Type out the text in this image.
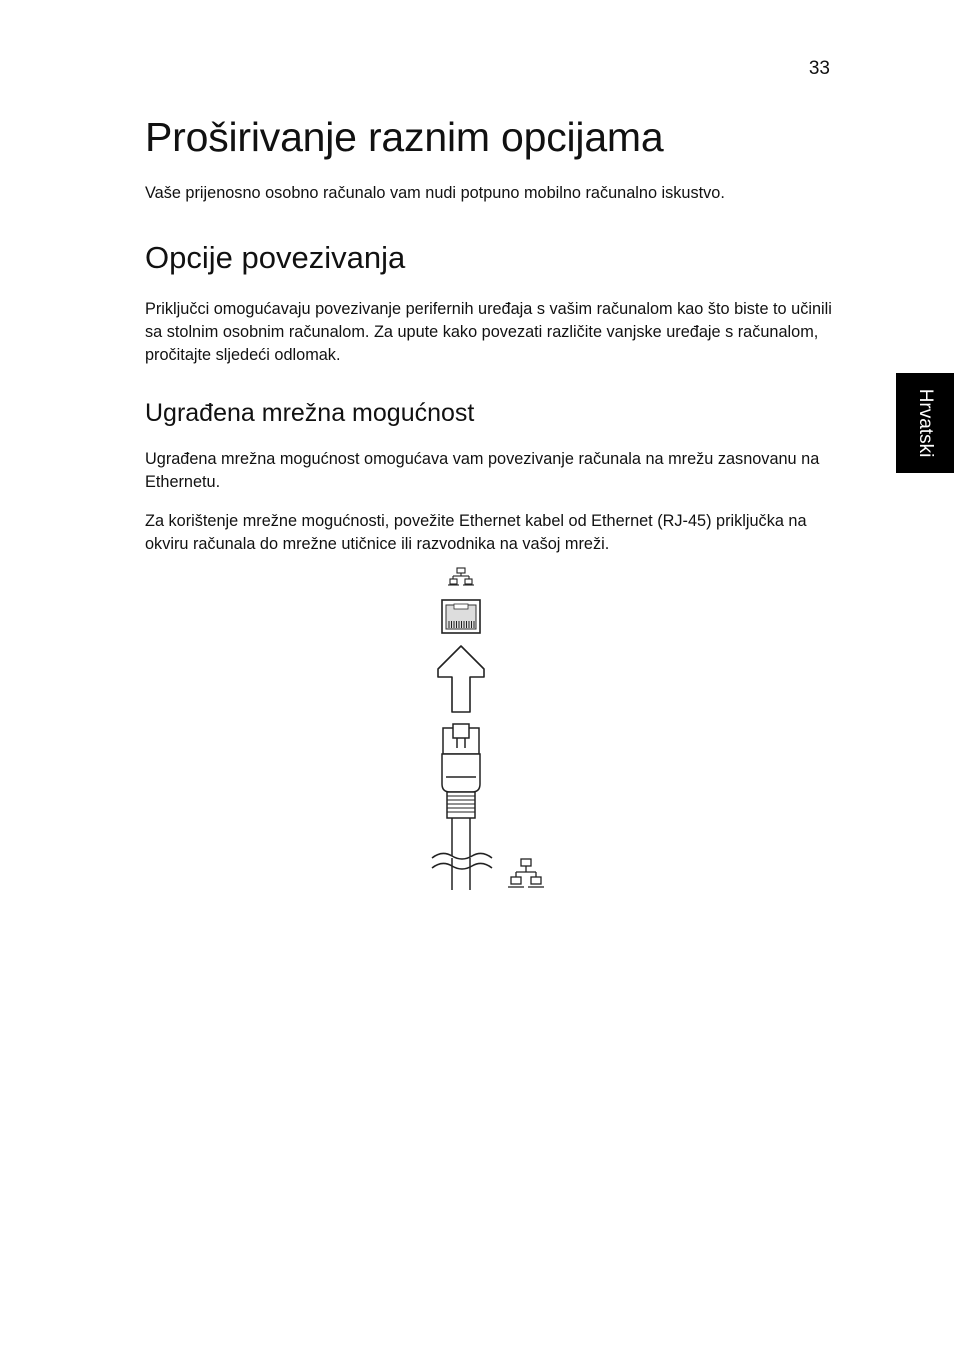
33
Proširivanje raznim opcijama

Vaše prijenosno osobno računalo vam nudi potpuno mobilno računalno iskustvo.

Opcije povezivanja

Priključci omogućavaju povezivanje perifernih uređaja s vašim računalom kao što biste to učinili sa stolnim osobnim računalom. Za upute kako povezati različite vanjske uređaje s računalom, pročitajte sljedeći odlomak.

Ugrađena mrežna mogućnost

Ugrađena mrežna mogućnost omogućava vam povezivanje računala na mrežu zasnovanu na Ethernetu.

Za korištenje mrežne mogućnosti, povežite Ethernet kabel od Ethernet (RJ-45) priključka na okviru računala do mrežne utičnice ili razvodnika na vašoj mreži.

Hrvatski
